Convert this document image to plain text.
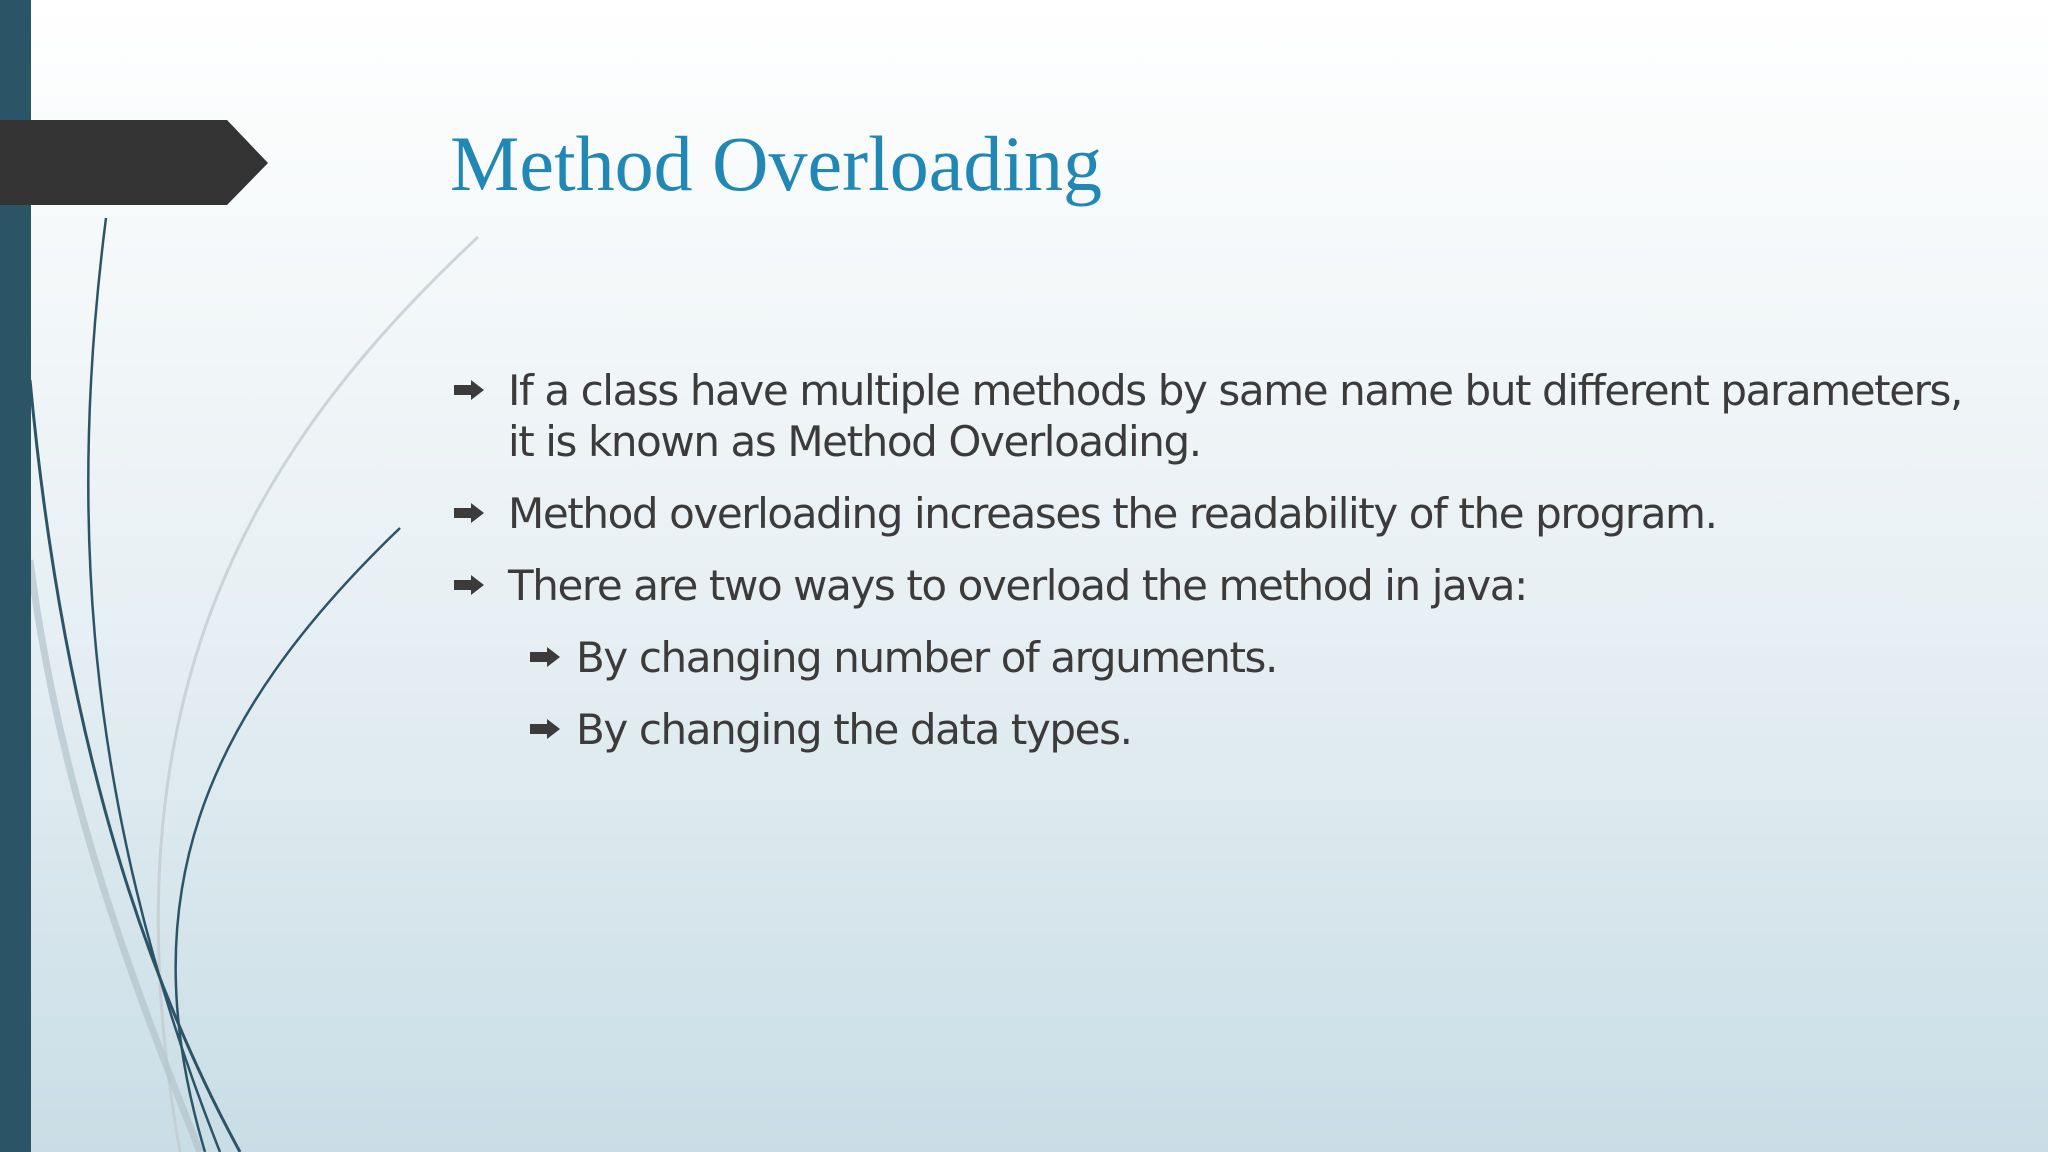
Method Overloading
If a class have multiple methods by same name but different parameters, it is known as Method Overloading.
Method overloading increases the readability of the program.
There are two ways to overload the method in java:
By changing number of arguments.
By changing the data types.
